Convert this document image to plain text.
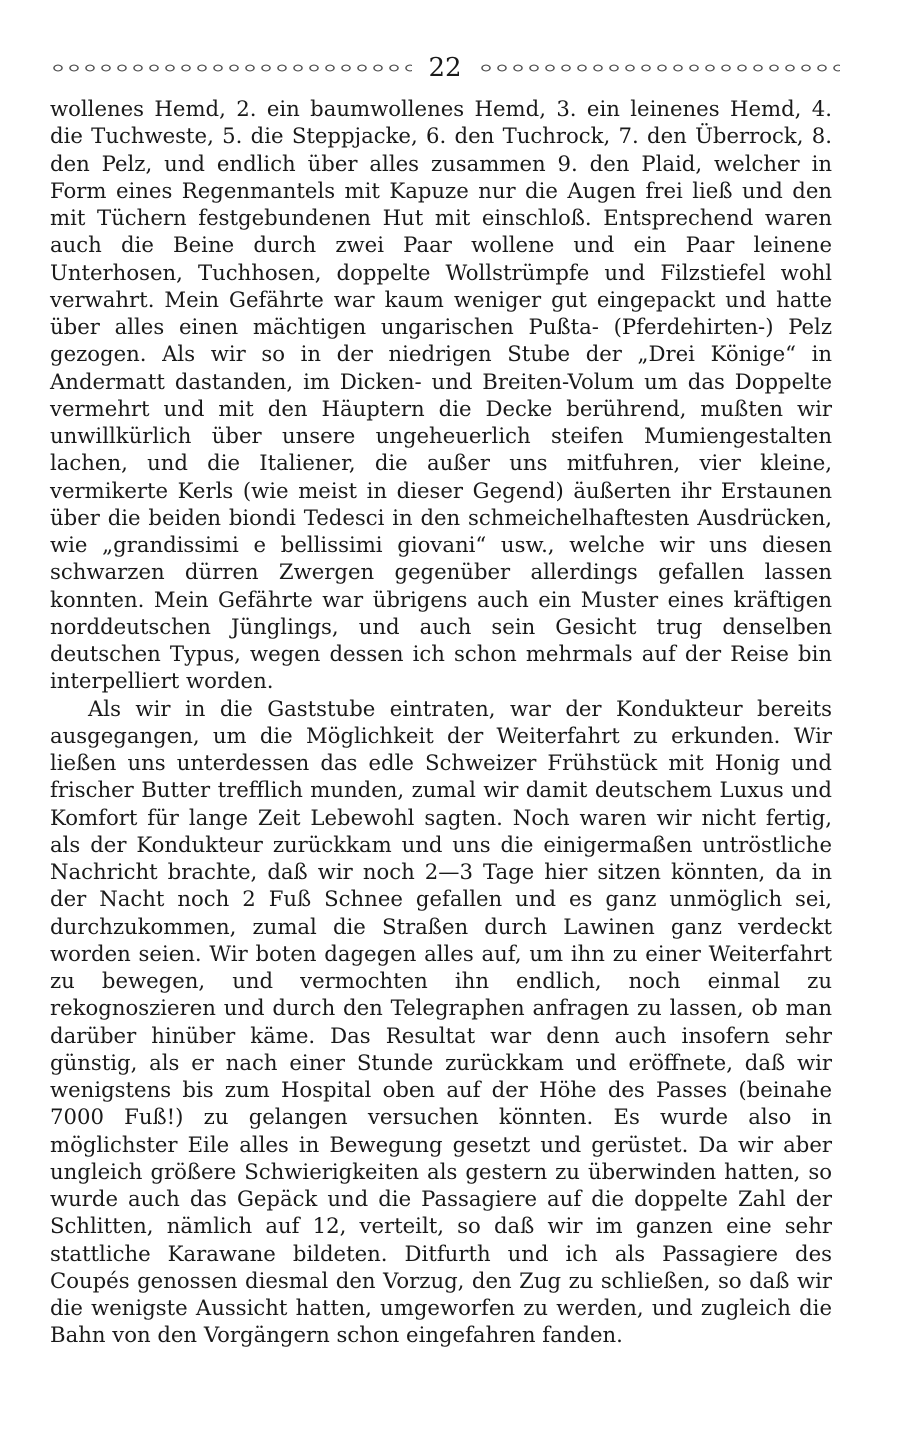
22

wollenes Hemd, 2. ein baumwollenes Hemd, 3. ein leinenes Hemd, 4. die Tuchweste, 5. die Steppjacke, 6. den Tuchrock, 7. den Überrock, 8. den Pelz, und endlich über alles zusammen 9. den Plaid, welcher in Form eines Regenmantels mit Kapuze nur die Augen frei ließ und den mit Tüchern festgebundenen Hut mit einschloß. Entsprechend waren auch die Beine durch zwei Paar wollene und ein Paar leinene Unterhosen, Tuchhosen, doppelte Wollstrümpfe und Filzstiefel wohl verwahrt. Mein Gefährte war kaum weniger gut eingepackt und hatte über alles einen mächtigen ungarischen Pußta- (Pferdehirten-) Pelz gezogen. Als wir so in der niedrigen Stube der „Drei Könige“ in Andermatt dastanden, im Dicken- und Breiten-Volum um das Doppelte vermehrt und mit den Häuptern die Decke berührend, mußten wir unwillkürlich über unsere ungeheuerlich steifen Mumiengestalten lachen, und die Italiener, die außer uns mitfuhren, vier kleine, vermikerte Kerls (wie meist in dieser Gegend) äußerten ihr Erstaunen über die beiden biondi Tedesci in den schmeichelhaftesten Ausdrücken, wie „grandissimi e bellissimi giovani“ usw., welche wir uns diesen schwarzen dürren Zwergen gegenüber allerdings gefallen lassen konnten. Mein Gefährte war übrigens auch ein Muster eines kräftigen norddeutschen Jünglings, und auch sein Gesicht trug denselben deutschen Typus, wegen dessen ich schon mehrmals auf der Reise bin interpelliert worden.

Als wir in die Gaststube eintraten, war der Kondukteur bereits ausgegangen, um die Möglichkeit der Weiterfahrt zu erkunden. Wir ließen uns unterdessen das edle Schweizer Frühstück mit Honig und frischer Butter trefflich munden, zumal wir damit deutschem Luxus und Komfort für lange Zeit Lebewohl sagten. Noch waren wir nicht fertig, als der Kondukteur zurückkam und uns die einigermaßen untröstliche Nachricht brachte, daß wir noch 2—3 Tage hier sitzen könnten, da in der Nacht noch 2 Fuß Schnee gefallen und es ganz unmöglich sei, durchzukommen, zumal die Straßen durch Lawinen ganz verdeckt worden seien. Wir boten dagegen alles auf, um ihn zu einer Weiterfahrt zu bewegen, und vermochten ihn endlich, noch einmal zu rekognoszieren und durch den Telegraphen anfragen zu lassen, ob man darüber hinüber käme. Das Resultat war denn auch insofern sehr günstig, als er nach einer Stunde zurückkam und eröffnete, daß wir wenigstens bis zum Hospital oben auf der Höhe des Passes (beinahe 7000 Fuß!) zu gelangen versuchen könnten. Es wurde also in möglichster Eile alles in Bewegung gesetzt und gerüstet. Da wir aber ungleich größere Schwierigkeiten als gestern zu überwinden hatten, so wurde auch das Gepäck und die Passagiere auf die doppelte Zahl der Schlitten, nämlich auf 12, verteilt, so daß wir im ganzen eine sehr stattliche Karawane bildeten. Ditfurth und ich als Passagiere des Coupés genossen diesmal den Vorzug, den Zug zu schließen, so daß wir die wenigste Aussicht hatten, umgeworfen zu werden, und zugleich die Bahn von den Vorgängern schon eingefahren fanden.
